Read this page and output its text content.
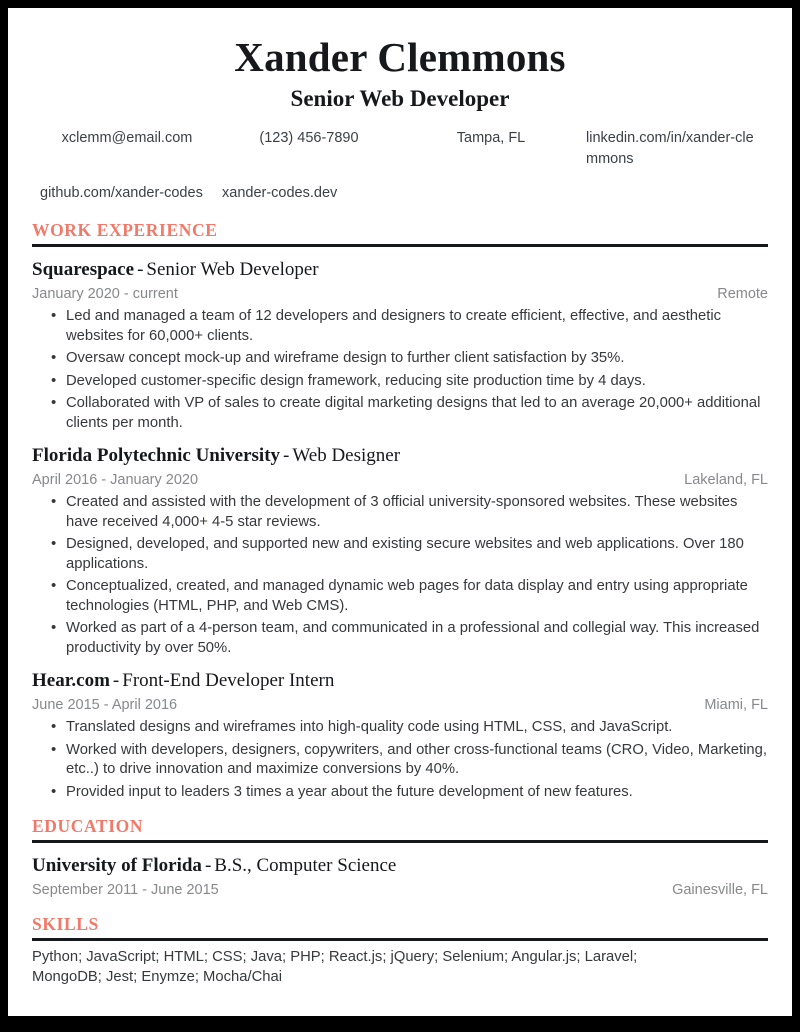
Xander Clemmons
Senior Web Developer
xclemm@email.com	(123) 456-7890	Tampa, FL	linkedin.com/in/xander-clemmons
github.com/xander-codes	xander-codes.dev
WORK EXPERIENCE
Squarespace - Senior Web Developer
January 2020 - current	Remote
• Led and managed a team of 12 developers and designers to create efficient, effective, and aesthetic websites for 60,000+ clients.
• Oversaw concept mock-up and wireframe design to further client satisfaction by 35%.
• Developed customer-specific design framework, reducing site production time by 4 days.
• Collaborated with VP of sales to create digital marketing designs that led to an average 20,000+ additional clients per month.
Florida Polytechnic University - Web Designer
April 2016 - January 2020	Lakeland, FL
• Created and assisted with the development of 3 official university-sponsored websites. These websites have received 4,000+ 4-5 star reviews.
• Designed, developed, and supported new and existing secure websites and web applications. Over 180 applications.
• Conceptualized, created, and managed dynamic web pages for data display and entry using appropriate technologies (HTML, PHP, and Web CMS).
• Worked as part of a 4-person team, and communicated in a professional and collegial way. This increased productivity by over 50%.
Hear.com - Front-End Developer Intern
June 2015 - April 2016	Miami, FL
• Translated designs and wireframes into high-quality code using HTML, CSS, and JavaScript.
• Worked with developers, designers, copywriters, and other cross-functional teams (CRO, Video, Marketing, etc..) to drive innovation and maximize conversions by 40%.
• Provided input to leaders 3 times a year about the future development of new features.
EDUCATION
University of Florida - B.S., Computer Science
September 2011 - June 2015	Gainesville, FL
SKILLS
Python; JavaScript; HTML; CSS; Java; PHP; React.js; jQuery; Selenium; Angular.js; Laravel; MongoDB; Jest; Enymze; Mocha/Chai
